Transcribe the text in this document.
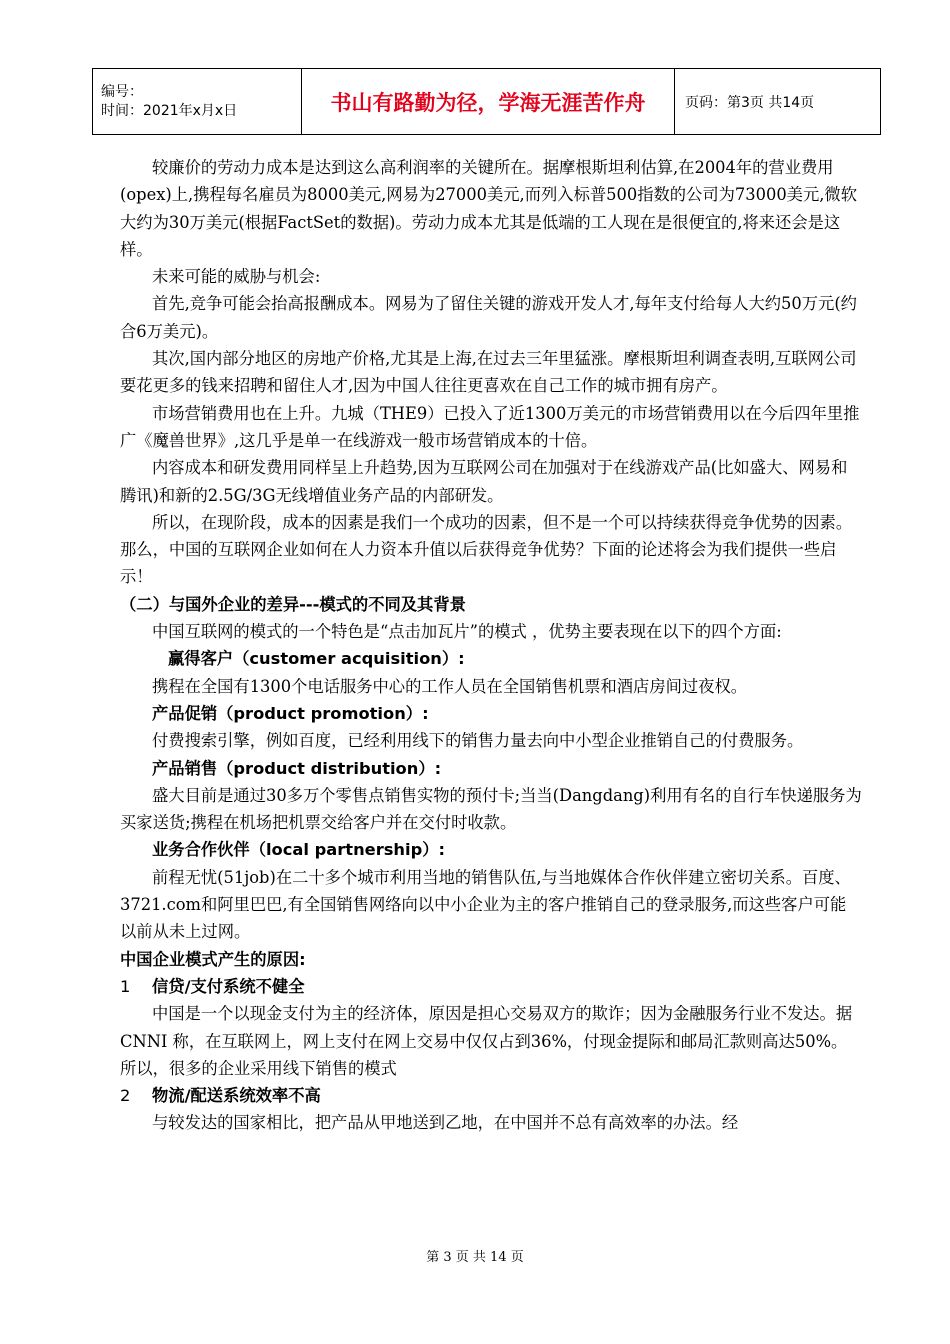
编号：
时间：2021年x月x日	书山有路勤为径，学海无涯苦作舟	页码：第3页 共14页

较廉价的劳动力成本是达到这么高利润率的关键所在。据摩根斯坦利估算,在2004年的营业费用(opex)上,携程每名雇员为8000美元,网易为27000美元,而列入标普500指数的公司为73000美元,微软大约为30万美元(根据FactSet的数据)。劳动力成本尤其是低端的工人现在是很便宜的,将来还会是这样。

未来可能的威胁与机会:

首先,竞争可能会抬高报酬成本。网易为了留住关键的游戏开发人才,每年支付给每人大约50万元(约合6万美元)。

其次,国内部分地区的房地产价格,尤其是上海,在过去三年里猛涨。摩根斯坦利调查表明,互联网公司要花更多的钱来招聘和留住人才,因为中国人往往更喜欢在自己工作的城市拥有房产。

市场营销费用也在上升。九城（THE9）已投入了近1300万美元的市场营销费用以在今后四年里推广《魔兽世界》,这几乎是单一在线游戏一般市场营销成本的十倍。

内容成本和研发费用同样呈上升趋势,因为互联网公司在加强对于在线游戏产品(比如盛大、网易和腾讯)和新的2.5G/3G无线增值业务产品的内部研发。

所以，在现阶段，成本的因素是我们一个成功的因素，但不是一个可以持续获得竞争优势的因素。那么，中国的互联网企业如何在人力资本升值以后获得竞争优势？下面的论述将会为我们提供一些启示！

（二）与国外企业的差异---模式的不同及其背景

中国互联网的模式的一个特色是“点击加瓦片”的模式 ，优势主要表现在以下的四个方面:

赢得客户（customer acquisition）:

携程在全国有1300个电话服务中心的工作人员在全国销售机票和酒店房间过夜权。

产品促销（product promotion）:

付费搜索引擎，例如百度，已经利用线下的销售力量去向中小型企业推销自己的付费服务。

产品销售（product distribution）:

盛大目前是通过30多万个零售点销售实物的预付卡;当当(Dangdang)利用有名的自行车快递服务为买家送货;携程在机场把机票交给客户并在交付时收款。

业务合作伙伴（local partnership）:

前程无忧(51job)在二十多个城市利用当地的销售队伍,与当地媒体合作伙伴建立密切关系。百度、3721.com和阿里巴巴,有全国销售网络向以中小企业为主的客户推销自己的登录服务,而这些客户可能以前从未上过网。

中国企业模式产生的原因:

1 信贷/支付系统不健全

中国是一个以现金支付为主的经济体，原因是担心交易双方的欺诈；因为金融服务行业不发达。据CNNI 称，在互联网上，网上支付在网上交易中仅仅占到36%，付现金提际和邮局汇款则高达50%。所以，很多的企业采用线下销售的模式

2 物流/配送系统效率不高

与较发达的国家相比，把产品从甲地送到乙地，在中国并不总有高效率的办法。经

第 3 页 共 14 页
